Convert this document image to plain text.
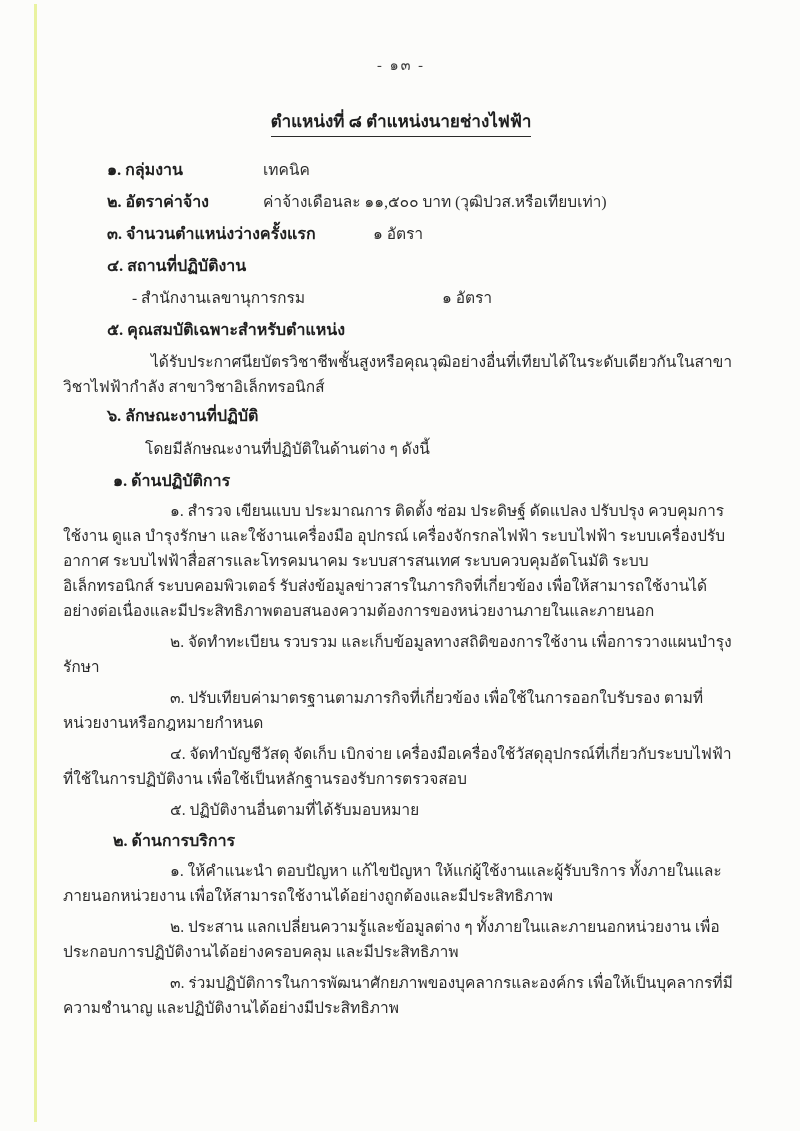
- ๑๓ -
ตำแหน่งที่ ๘ ตำแหน่งนายช่างไฟฟ้า
๑. กลุ่มงาน	เทคนิค
๒. อัตราค่าจ้าง	ค่าจ้างเดือนละ ๑๑,๕๐๐ บาท (วุฒิปวส.หรือเทียบเท่า)
๓. จำนวนตำแหน่งว่างครั้งแรก	๑ อัตรา
๔. สถานที่ปฏิบัติงาน
- สำนักงานเลขานุการกรม	๑ อัตรา
๕. คุณสมบัติเฉพาะสำหรับตำแหน่ง
ได้รับประกาศนียบัตรวิชาชีพชั้นสูงหรือคุณวุฒิอย่างอื่นที่เทียบได้ในระดับเดียวกันในสาขาวิชาไฟฟ้ากำลัง สาขาวิชาอิเล็กทรอนิกส์
๖. ลักษณะงานที่ปฏิบัติ
โดยมีลักษณะงานที่ปฏิบัติในด้านต่าง ๆ ดังนี้
๑. ด้านปฏิบัติการ
๑. สำรวจ เขียนแบบ ประมาณการ ติดตั้ง ซ่อม ประดิษฐ์ ดัดแปลง ปรับปรุง ควบคุมการใช้งาน ดูแล บำรุงรักษา และใช้งานเครื่องมือ อุปกรณ์ เครื่องจักรกลไฟฟ้า ระบบไฟฟ้า ระบบเครื่องปรับอากาศ ระบบไฟฟ้าสื่อสารและโทรคมนาคม ระบบสารสนเทศ ระบบควบคุมอัตโนมัติ ระบบอิเล็กทรอนิกส์ ระบบคอมพิวเตอร์ รับส่งข้อมูลข่าวสารในภารกิจที่เกี่ยวข้อง เพื่อให้สามารถใช้งานได้อย่างต่อเนื่องและมีประสิทธิภาพตอบสนองความต้องการของหน่วยงานภายในและภายนอก
๒. จัดทำทะเบียน รวบรวม และเก็บข้อมูลทางสถิติของการใช้งาน เพื่อการวางแผนบำรุงรักษา
๓. ปรับเทียบค่ามาตรฐานตามภารกิจที่เกี่ยวข้อง เพื่อใช้ในการออกใบรับรอง ตามที่หน่วยงานหรือกฎหมายกำหนด
๔. จัดทำบัญชีวัสดุ จัดเก็บ เบิกจ่าย เครื่องมือเครื่องใช้วัสดุอุปกรณ์ที่เกี่ยวกับระบบไฟฟ้าที่ใช้ในการปฏิบัติงาน เพื่อใช้เป็นหลักฐานรองรับการตรวจสอบ
๕. ปฏิบัติงานอื่นตามที่ได้รับมอบหมาย
๒. ด้านการบริการ
๑. ให้คำแนะนำ ตอบปัญหา แก้ไขปัญหา ให้แก่ผู้ใช้งานและผู้รับบริการ ทั้งภายในและภายนอกหน่วยงาน เพื่อให้สามารถใช้งานได้อย่างถูกต้องและมีประสิทธิภาพ
๒. ประสาน แลกเปลี่ยนความรู้และข้อมูลต่าง ๆ ทั้งภายในและภายนอกหน่วยงาน เพื่อประกอบการปฏิบัติงานได้อย่างครอบคลุม และมีประสิทธิภาพ
๓. ร่วมปฏิบัติการในการพัฒนาศักยภาพของบุคลากรและองค์กร เพื่อให้เป็นบุคลากรที่มีความชำนาญ และปฏิบัติงานได้อย่างมีประสิทธิภาพ
